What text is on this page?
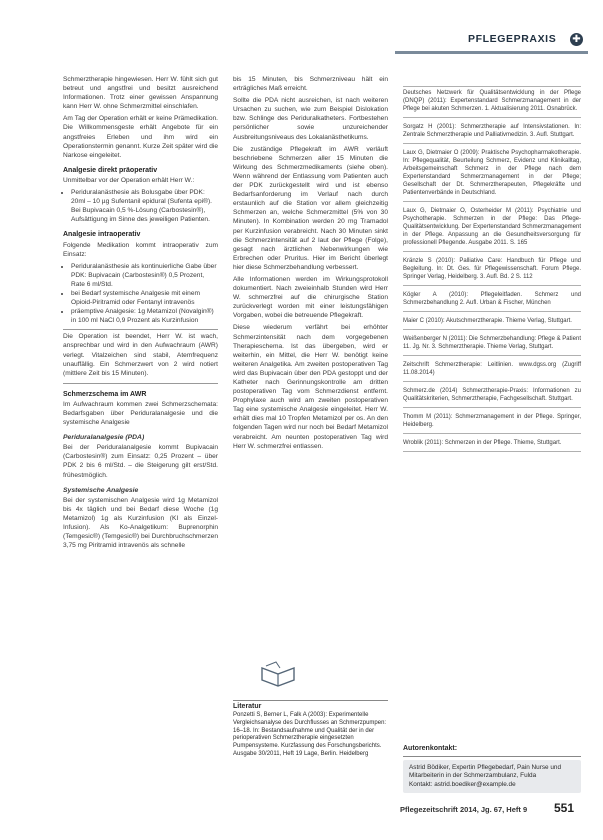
PFLEGEPRAXIS ✚

Schmerztherapie hingewiesen. Herr W. fühlt sich gut betreut und angstfrei und besitzt ausreichend Informationen. Trotz einer gewissen Anspannung kann Herr W. ohne Schmerzmittel einschlafen.

Am Tag der Operation erhält er keine Prämedikation. Die Willkommensgeste erhält Angebote für ein angstfreies Erleben und ihm wird ein Operationstermin genannt. Kurze Zeit später wird die Narkose eingeleitet.

Analgesie direkt präoperativ

Unmittelbar vor der Operation erhält Herr W.:

• Periduralanästhesie als Bolusgabe über PDK: 20ml – 10 µg Sufentanil epidural (Sufenta epi®). Bei Bupivacain 0,5 %-Lösung (Carbostesin®), Aufsättigung im Sinne des jeweiligen Patienten.
Analgesie intraoperativ

Folgende Medikation kommt intraoperativ zum Einsatz:

• Periduralanästhesie als kontinuierliche Gabe über PDK: Bupivacain (Carbostesin®) 0,5 Prozent, Rate 6 ml/Std.
• bei Bedarf systemische Analgesie mit einem Opioid-Piritramid oder Fentanyl intravenös
• präemptive Analgesie: 1g Metamizol (Novalgin®) in 100 ml NaCl 0,9 Prozent als Kurzinfusion

Die Operation ist beendet, Herr W. ist wach, ansprechbar und wird in den Aufwachraum (AWR) verlegt. Vitalzeichen sind stabil, Atemfrequenz unauffällig. Ein Schmerzwert von 2 wird notiert (mittlere Zeit bis 15 Minuten).

Schmerzschema im AWR

Im Aufwachraum kommen zwei Schmerzschemata: Bedarfsgaben über Periduralanalgesie und die systemische Analgesie

Periduralanalgesie (PDA)

Bei der Periduralanalgesie kommt Bupivacain (Carbostesin®) zum Einsatz: 0,25 Prozent – über PDK 2 bis 6 ml/Std. – die Steigerung gilt erst/Std. frühestmöglich.

Systemische Analgesie

Bei der systemischen Analgesie wird 1g Metamizol bis 4x täglich und bei Bedarf diese Woche (1g Metamizol) 1g als Kurzinfusion (KI als Einzel-Infusion). Als Ko-Analgetikum: Buprenorphin (Temgesic®) (Temgesic®) bei Durchbruchschmerzen 3,75 mg Piritramid intravenös als schnelle

bis 15 Minuten, bis Schmerzniveau hält ein erträgliches Maß erreicht.

Sollte die PDA nicht ausreichen, ist nach weiteren Ursachen zu suchen, wie zum Beispiel Dislokation bzw. Schlinge des Periduralkatheters. Fortbestehen persönlicher sowie unzureichender Ausbreitungsniveaus des Lokalanästhetikums.

Die zuständige Pflegekraft im AWR verläuft beschriebene Schmerzen aller 15 Minuten die Wirkung des Schmerzmedikaments (siehe oben). Wenn während der Entlassung vom Patienten auch der PDK zurückgestellt wird und ist ebenso Bedarfsanforderung im Verlauf nach durch erstaunlich auf die Station vor allem gleichzeitig Schmerzen an, welche Schmerzmittel (5% von 30 Minuten). In Kombination werden 20 mg Tramadol per Kurzinfusion verabreicht. Nach 30 Minuten sinkt die Schmerzintensität auf 2 laut der Pflege (Folge), gesagt nach ärztlichen Nebenwirkungen wie Erbrechen oder Pruritus. Hier im Bericht überlegt hier diese Schmerzbehandlung verbessert.

Alle Informationen werden im Wirkungsprotokoll dokumentiert. Nach zweieinhalb Stunden wird Herr W. schmerzfrei auf die chirurgische Station zurückverlegt worden mit einer leistungsfähigen Vorgaben, wobei die betreuende Pflegekraft.

Diese wiederum verfährt bei erhöhter Schmerzintensität nach dem vorgegebenen Therapieschema. Ist das übergeben, wird er weiterhin, ein Mittel, die Herr W. benötigt keine weiteren Analgetika. Am zweiten postoperativen Tag wird das Bupivacain über den PDA gestoppt und der Katheter nach Gerinnungskontrolle am dritten postoperativen Tag vom Schmerzdienst entfernt. Prophylaxe auch wird am zweiten postoperativen Tag eine systemische Analgesie eingeleitet. Herr W. erhält dies mal 10 Tropfen Metamizol per os. An den folgenden Tagen wird nur noch bei Bedarf Metamizol verabreicht. Am neunten postoperativen Tag wird Herr W. schmerzfrei entlassen.

Literatur
Ponzetti S, Berner L, Falk A (2003): Experimentelle Vergleichsanalyse des Durchflusses an Schmerzpumpen: 16–18. In: Bestandsaufnahme und Qualität der in der perioperativen Schmerztherapie eingesetzten Pumpensysteme. Kurzfassung des Forschungsberichts. Ausgabe 30/2011, Heft 19 Lage, Berlin. Heidelberg

Deutsches Netzwerk für Qualitätsentwicklung in der Pflege (DNQP) (2011): Expertenstandard Schmerzmanagement in der Pflege bei akuten Schmerzen. 1. Aktualisierung 2011. Osnabrück.

Sorgatz H (2001): Schmerztherapie auf Intensivstationen. In: Zentrale Schmerztherapie und Palliativmedizin. 3. Aufl. Stuttgart.

Laux G, Dietmaier O (2009): Praktische Psychopharmakotherapie. In: Pflegequalität, Beurteilung Schmerz, Evidenz und Klinikalltag, Arbeitsgemeinschaft Schmerz in der Pflege nach dem Expertenstandard Schmerzmanagement in der Pflege; Gesellschaft der Dt. Schmerztherapeuten, Pflegekräfte und Patientenverbände in Deutschland.

Laux G, Dietmaier O, Osterheider M (2011): Psychiatrie und Psychotherapie. Schmerzen in der Pflege: Das Pflege-Qualitätsentwicklung. Der Expertenstandard Schmerzmanagement in der Pflege. Anpassung an die Gesundheitsversorgung für professionell Pflegende. Ausgabe 2011. S. 165

Kränzle S (2010): Palliative Care: Handbuch für Pflege und Begleitung. In: Dt. Ges. für Pflegewissenschaft. Forum Pflege. Springer Verlag, Heidelberg. 3. Aufl. Bd. 2 S. 112

Kögler A (2010): Pflegeleitfaden. Schmerz und Schmerzbehandlung 2. Aufl. Urban & Fischer, München

Maier C (2010): Akutschmerztherapie. Thieme Verlag, Stuttgart.

Weißenberger N (2011): Die Schmerzbehandlung: Pflege & Patient 11. Jg. Nr. 3. Schmerztherapie. Thieme Verlag, Stuttgart.

Zeitschrift Schmerztherapie: Leitlinien. www.dgss.org (Zugriff 11.08.2014)

Schmerz.de (2014) Schmerztherapie-Praxis: Informationen zu Qualitätskriterien, Schmerztherapie, Fachgesellschaft. Stuttgart.

Thomm M (2011): Schmerzmanagement in der Pflege. Springer, Heidelberg.

Wroblik (2011): Schmerzen in der Pflege. Thieme, Stuttgart.

Autorenkontakt:
Astrid Bödiker, Expertin Pflegebedarf, Pain Nurse und Mitarbeiterin in der Schmerzambulanz, Fulda
Kontakt: astrid.boediker@example.de
Pflegezeitschrift 2014, Jg. 67, Heft 9 551
